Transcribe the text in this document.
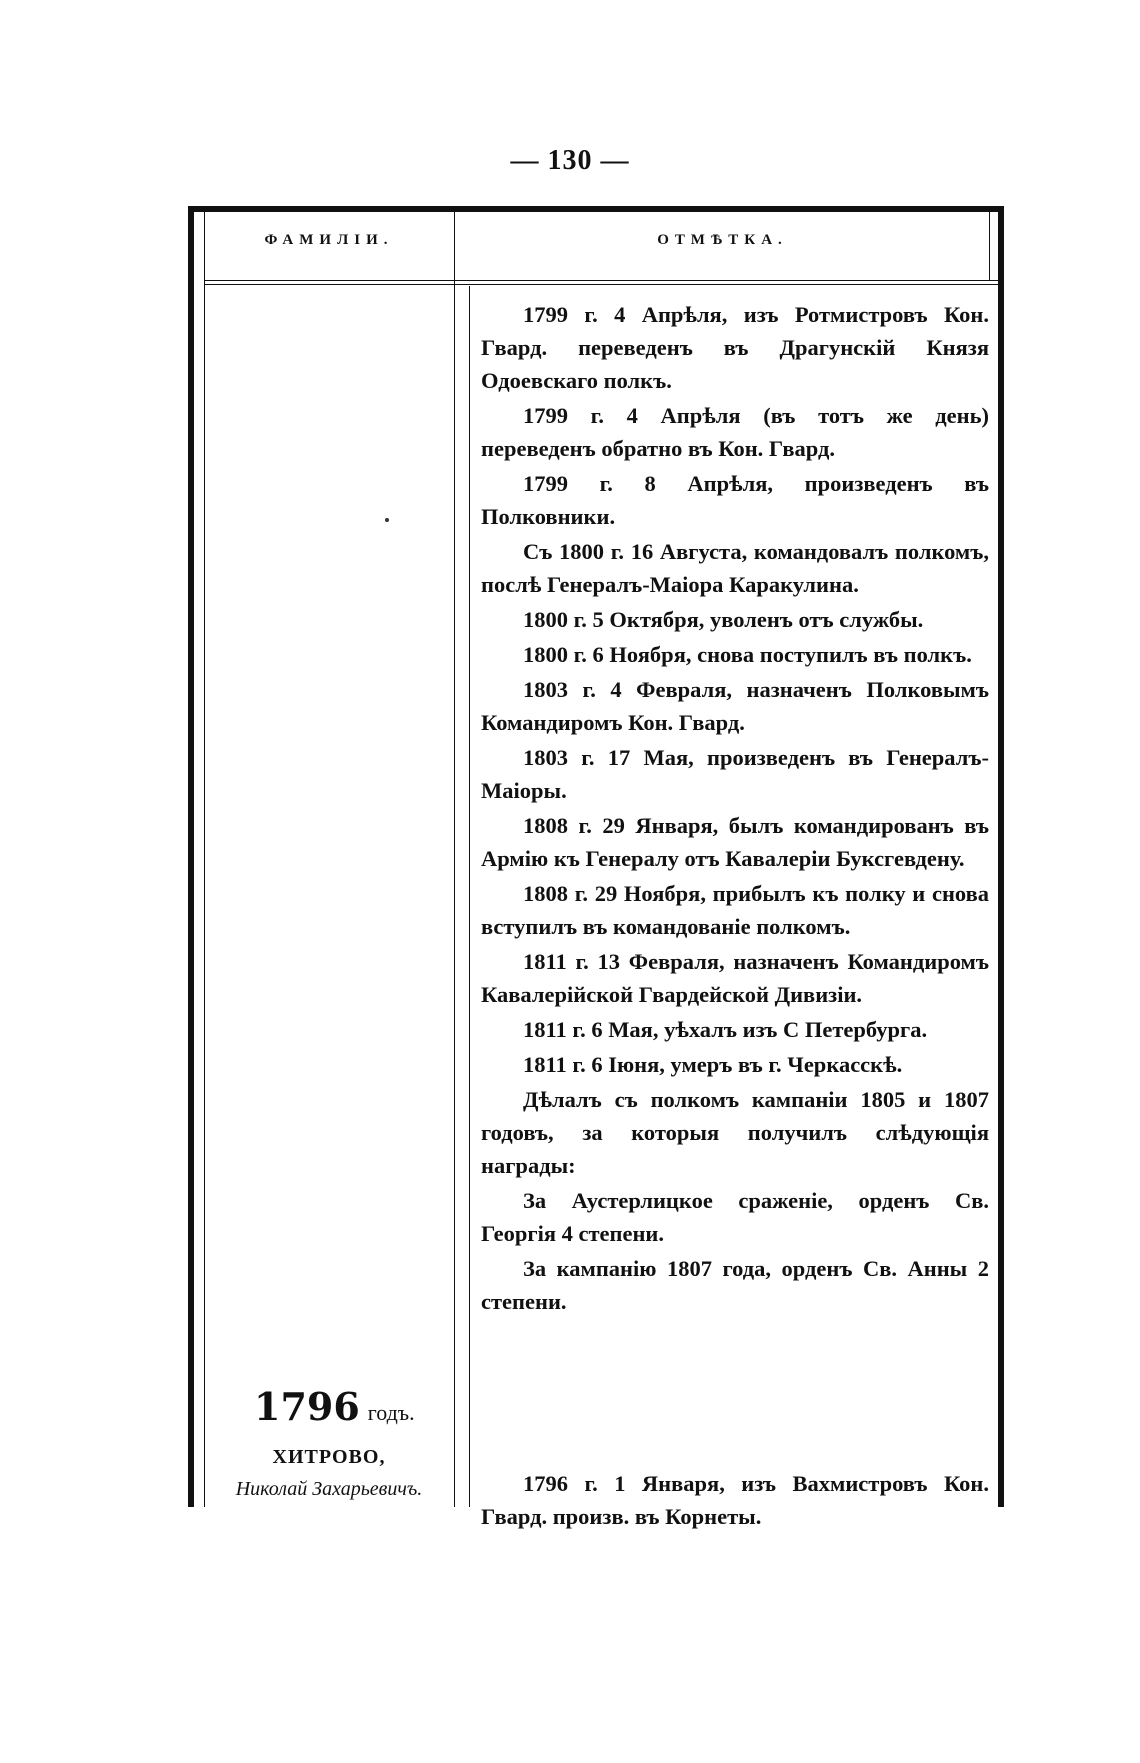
— 130 —
ФАМИЛІИ.	ОТМѢТКА.

1799 г. 4 Апрѣля, изъ Ротмистровъ Кон. Гвард. переведенъ въ Драгунскій Князя Одоевскаго полкъ.

1799 г. 4 Апрѣля (въ тотъ же день) переведенъ обратно въ Кон. Гвард.

1799 г. 8 Апрѣля, произведенъ въ Полковники.

Съ 1800 г. 16 Августа, командовалъ полкомъ, послѣ Генералъ-Маіора Каракулина.

1800 г. 5 Октября, уволенъ отъ службы.

1800 г. 6 Ноября, снова поступилъ въ полкъ.

1803 г. 4 Февраля, назначенъ Полковымъ Командиромъ Кон. Гвард.

1803 г. 17 Мая, произведенъ въ Генералъ-Маіоры.

1808 г. 29 Января, былъ командированъ въ Армію къ Генералу отъ Кавалеріи Буксгевдену.

1808 г. 29 Ноября, прибылъ къ полку и снова вступилъ въ командованіе полкомъ.

1811 г. 13 Февраля, назначенъ Командиромъ Кавалерійской Гвардейской Дивизіи.

1811 г. 6 Мая, уѣхалъ изъ С Петербурга.

1811 г. 6 Іюня, умеръ въ г. Черкасскѣ.

Дѣлалъ съ полкомъ кампаніи 1805 и 1807 годовъ, за которыя получилъ слѣдующія награды:

За Аустерлицкое сраженіе, орденъ Св. Георгія 4 степени.

За кампанію 1807 года, орденъ Св. Анны 2 степени.

1796 годъ.
ХИТРОВО,
Николай Захарьевичъ.	1796 г. 1 Января, изъ Вахмистровъ Кон. Гвард. произв. въ Корнеты.
